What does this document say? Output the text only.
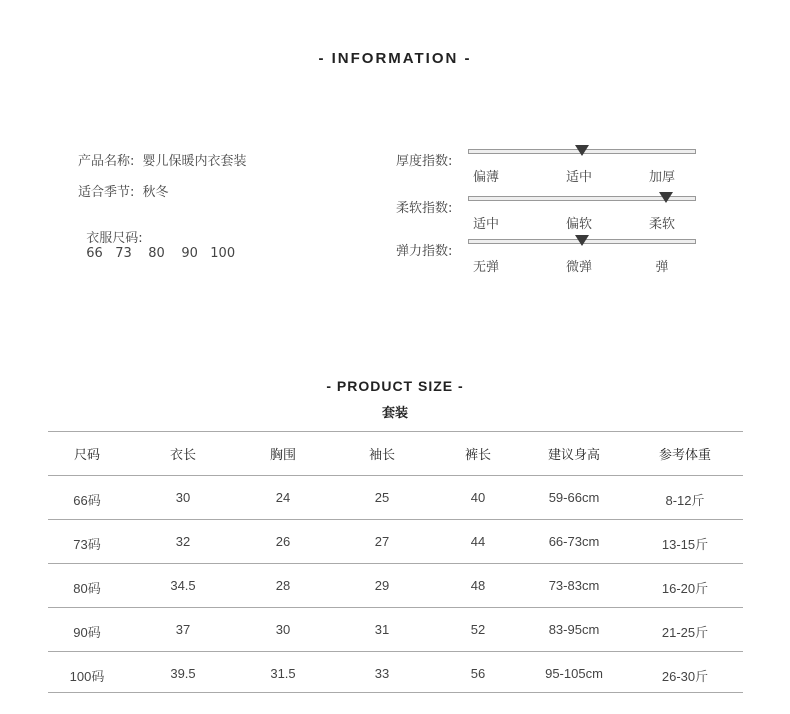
- INFORMATION -
产品名称: 婴儿保暖内衣套装
适合季节: 秋冬

衣服尺码:
66   73    80    90   100

厚度指数:
偏薄	适中	加厚
柔软指数:
适中	偏软	柔软
弹力指数:
无弹	微弹	弹
- PRODUCT SIZE -
套装
尺码	衣长	胸围	袖长	裤长	建议身高	参考体重
66码	30	24	25	40	59-66cm	8-12斤
73码	32	26	27	44	66-73cm	13-15斤
80码	34.5	28	29	48	73-83cm	16-20斤
90码	37	30	31	52	83-95cm	21-25斤
100码	39.5	31.5	33	56	95-105cm	26-30斤
